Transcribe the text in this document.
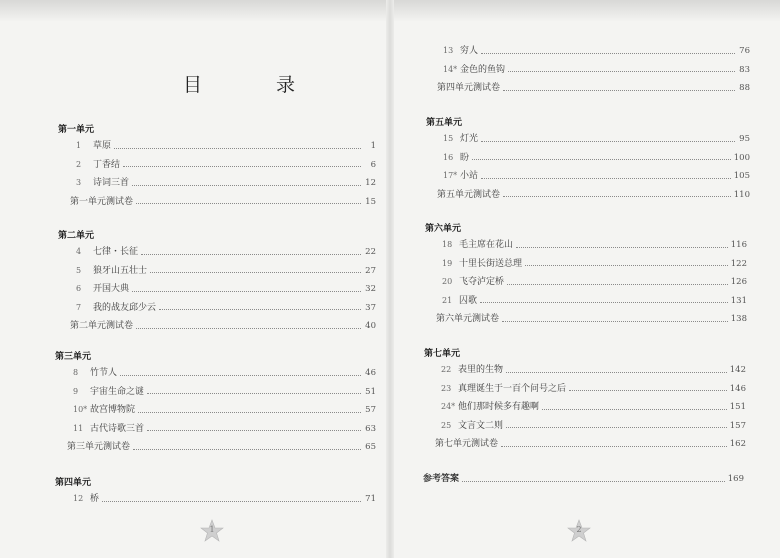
目 录
第一单元
1	草原	1
2	丁香结	6
3	诗词三首	12
第一单元测试卷	15
第二单元
4	七律・长征	22
5	狼牙山五壮士	27
6	开国大典	32
7	我的战友邱少云	37
第二单元测试卷	40
第三单元
8	竹节人	46
9	宇宙生命之谜	51
10* 故宫博物院	57
11 古代诗歌三首	63
第三单元测试卷	65
第四单元
12 桥	71
1
13 穷人	76
14* 金色的鱼钩	83
第四单元测试卷	88
第五单元
15 灯光	95
16 盼	100
17* 小站	105
第五单元测试卷	110
第六单元
18 毛主席在花山	116
19 十里长街送总理	122
20 飞夺泸定桥	126
21 囚歌	131
第六单元测试卷	138
第七单元
22 表里的生物	142
23 真理诞生于一百个问号之后	146
24* 他们那时候多有趣啊	151
25 文言文二则	157
第七单元测试卷	162
参考答案	169
2
